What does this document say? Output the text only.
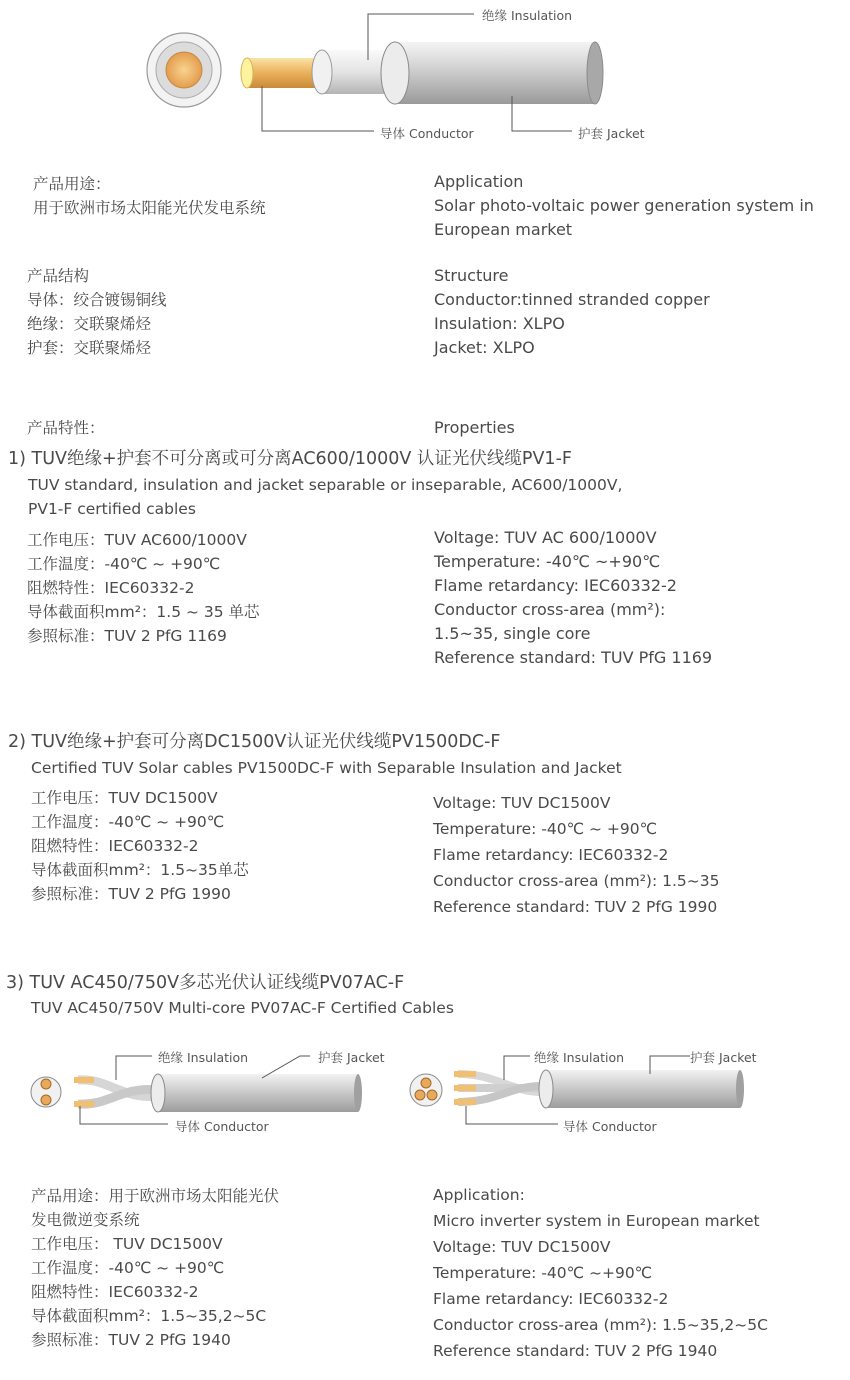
绝缘 Insulation
导体 Conductor	护套 Jacket
产品用途：
用于欧洲市场太阳能光伏发电系统
Application
Solar photo-voltaic power generation system in
European market
产品结构
导体：绞合镀锡铜线
绝缘：交联聚烯烃
护套：交联聚烯烃
Structure
Conductor:tinned stranded copper
Insulation: XLPO
Jacket: XLPO
产品特性：	Properties
1) TUV绝缘+护套不可分离或可分离AC600/1000V 认证光伏线缆PV1-F
TUV standard, insulation and jacket separable or inseparable, AC600/1000V,
PV1-F certified cables
工作电压：TUV AC600/1000V
工作温度：-40℃ ~ +90℃
阻燃特性：IEC60332-2
导体截面积mm²：1.5 ~ 35 单芯
参照标准：TUV 2 PfG 1169
Voltage: TUV AC 600/1000V
Temperature: -40℃ ~+90℃
Flame retardancy: IEC60332-2
Conductor cross-area (mm²):
1.5~35, single core
Reference standard: TUV PfG 1169
2) TUV绝缘+护套可分离DC1500V认证光伏线缆PV1500DC-F
Certified TUV Solar cables PV1500DC-F with Separable Insulation and Jacket
工作电压：TUV DC1500V
工作温度：-40℃ ~ +90℃
阻燃特性：IEC60332-2
导体截面积mm²：1.5~35单芯
参照标准：TUV 2 PfG 1990
Voltage: TUV DC1500V
Temperature: -40℃ ~ +90℃
Flame retardancy: IEC60332-2
Conductor cross-area (mm²): 1.5~35
Reference standard: TUV 2 PfG 1990
3) TUV AC450/750V多芯光伏认证线缆PV07AC-F
TUV AC450/750V Multi-core PV07AC-F Certified Cables
绝缘 Insulation	护套 Jacket
导体 Conductor
绝缘 Insulation	护套 Jacket
导体 Conductor
产品用途：用于欧洲市场太阳能光伏
发电微逆变系统
工作电压： TUV DC1500V
工作温度：-40℃ ~ +90℃
阻燃特性：IEC60332-2
导体截面积mm²：1.5~35,2~5C
参照标准：TUV 2 PfG 1940
Application:
Micro inverter system in European market
Voltage: TUV DC1500V
Temperature: -40℃ ~+90℃
Flame retardancy: IEC60332-2
Conductor cross-area (mm²): 1.5~35,2~5C
Reference standard: TUV 2 PfG 1940
